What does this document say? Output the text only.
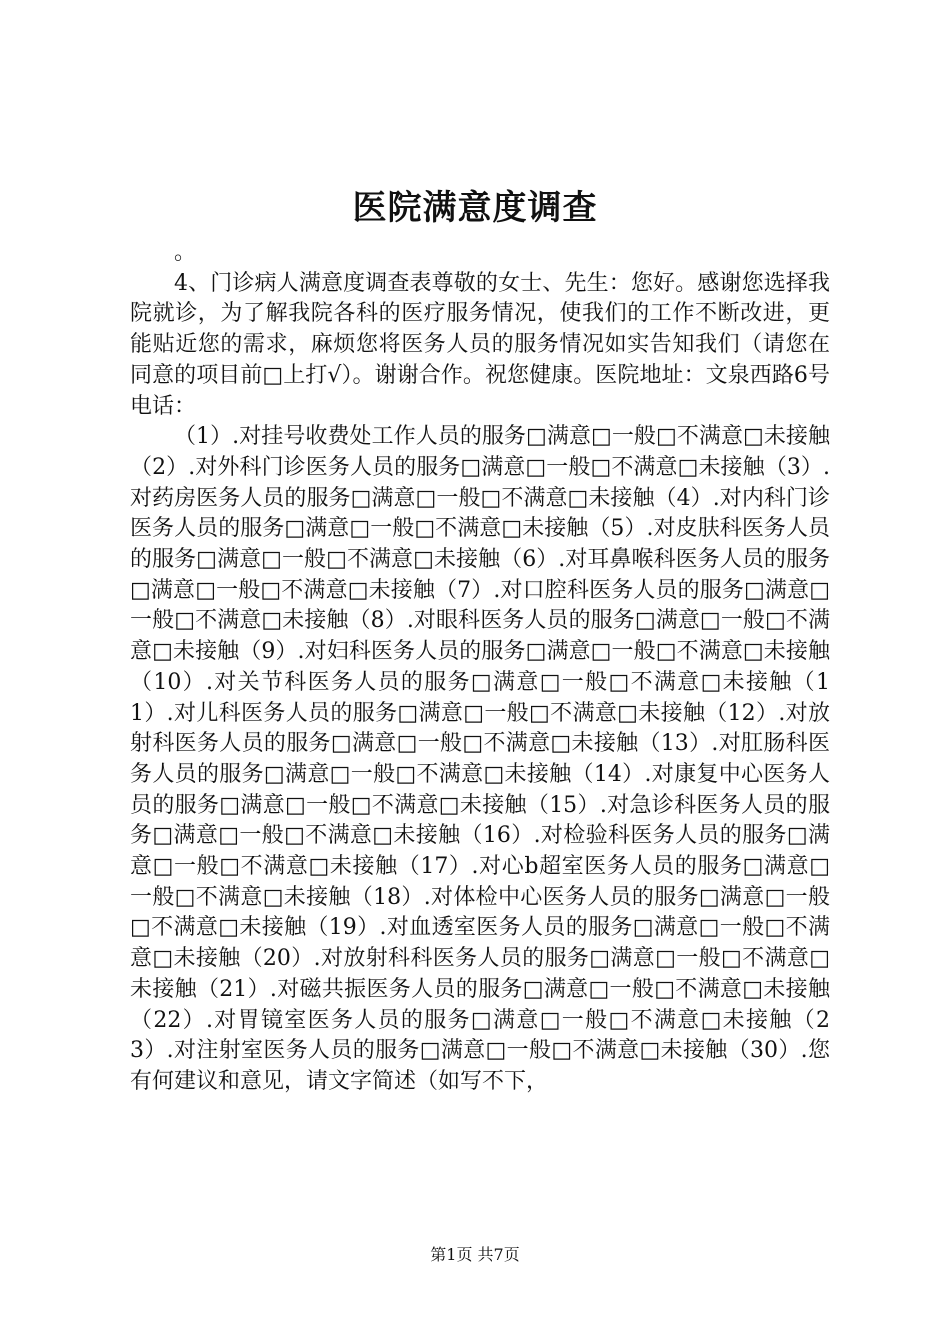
医院满意度调查

。

4、门诊病人满意度调查表尊敬的女士、先生：您好。感谢您选择我院就诊，为了解我院各科的医疗服务情况，使我们的工作不断改进，更能贴近您的需求，麻烦您将医务人员的服务情况如实告知我们（请您在同意的项目前□上打√）。谢谢合作。祝您健康。医院地址：文泉西路6号电话：

（1）.对挂号收费处工作人员的服务□满意□一般□不满意□未接触（2）.对外科门诊医务人员的服务□满意□一般□不满意□未接触（3）.对药房医务人员的服务□满意□一般□不满意□未接触（4）.对内科门诊医务人员的服务□满意□一般□不满意□未接触（5）.对皮肤科医务人员的服务□满意□一般□不满意□未接触（6）.对耳鼻喉科医务人员的服务□满意□一般□不满意□未接触（7）.对口腔科医务人员的服务□满意□一般□不满意□未接触（8）.对眼科医务人员的服务□满意□一般□不满意□未接触（9）.对妇科医务人员的服务□满意□一般□不满意□未接触（10）.对关节科医务人员的服务□满意□一般□不满意□未接触（11）.对儿科医务人员的服务□满意□一般□不满意□未接触（12）.对放射科医务人员的服务□满意□一般□不满意□未接触（13）.对肛肠科医务人员的服务□满意□一般□不满意□未接触（14）.对康复中心医务人员的服务□满意□一般□不满意□未接触（15）.对急诊科医务人员的服务□满意□一般□不满意□未接触（16）.对检验科医务人员的服务□满意□一般□不满意□未接触（17）.对心b超室医务人员的服务□满意□一般□不满意□未接触（18）.对体检中心医务人员的服务□满意□一般□不满意□未接触（19）.对血透室医务人员的服务□满意□一般□不满意□未接触（20）.对放射科科医务人员的服务□满意□一般□不满意□未接触（21）.对磁共振医务人员的服务□满意□一般□不满意□未接触（22）.对胃镜室医务人员的服务□满意□一般□不满意□未接触（23）.对注射室医务人员的服务□满意□一般□不满意□未接触（30）.您有何建议和意见，请文字简述（如写不下，

第1页 共7页
